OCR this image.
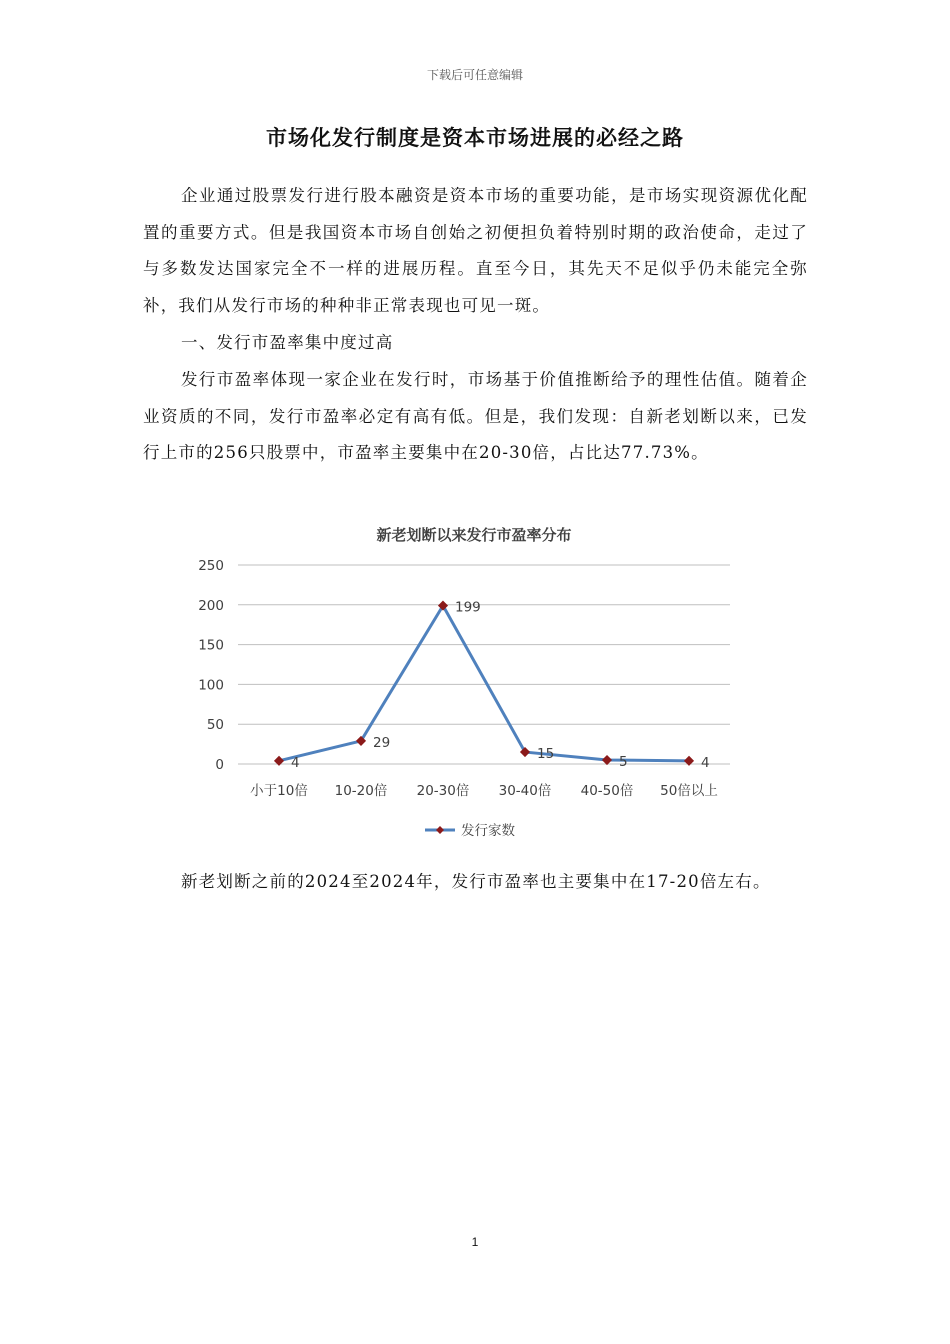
下载后可任意编辑
市场化发行制度是资本市场进展的必经之路

企业通过股票发行进行股本融资是资本市场的重要功能，是市场实现资源优化配置的重要方式。但是我国资本市场自创始之初便担负着特别时期的政治使命，走过了与多数发达国家完全不一样的进展历程。直至今日，其先天不足似乎仍未能完全弥补，我们从发行市场的种种非正常表现也可见一斑。

一、发行市盈率集中度过高

发行市盈率体现一家企业在发行时，市场基于价值推断给予的理性估值。随着企业资质的不同，发行市盈率必定有高有低。但是，我们发现：自新老划断以来，已发行上市的256只股票中，市盈率主要集中在20-30倍，占比达77.73%。

新老划断以来发行市盈率分布
0
50
100
150
200
250
小于10倍 10-20倍 20-30倍 30-40倍 40-50倍 50倍以上
4
29
199
15	5	4
发行家数

新老划断之前的2024至2024年，发行市盈率也主要集中在17-20倍左右。

1
